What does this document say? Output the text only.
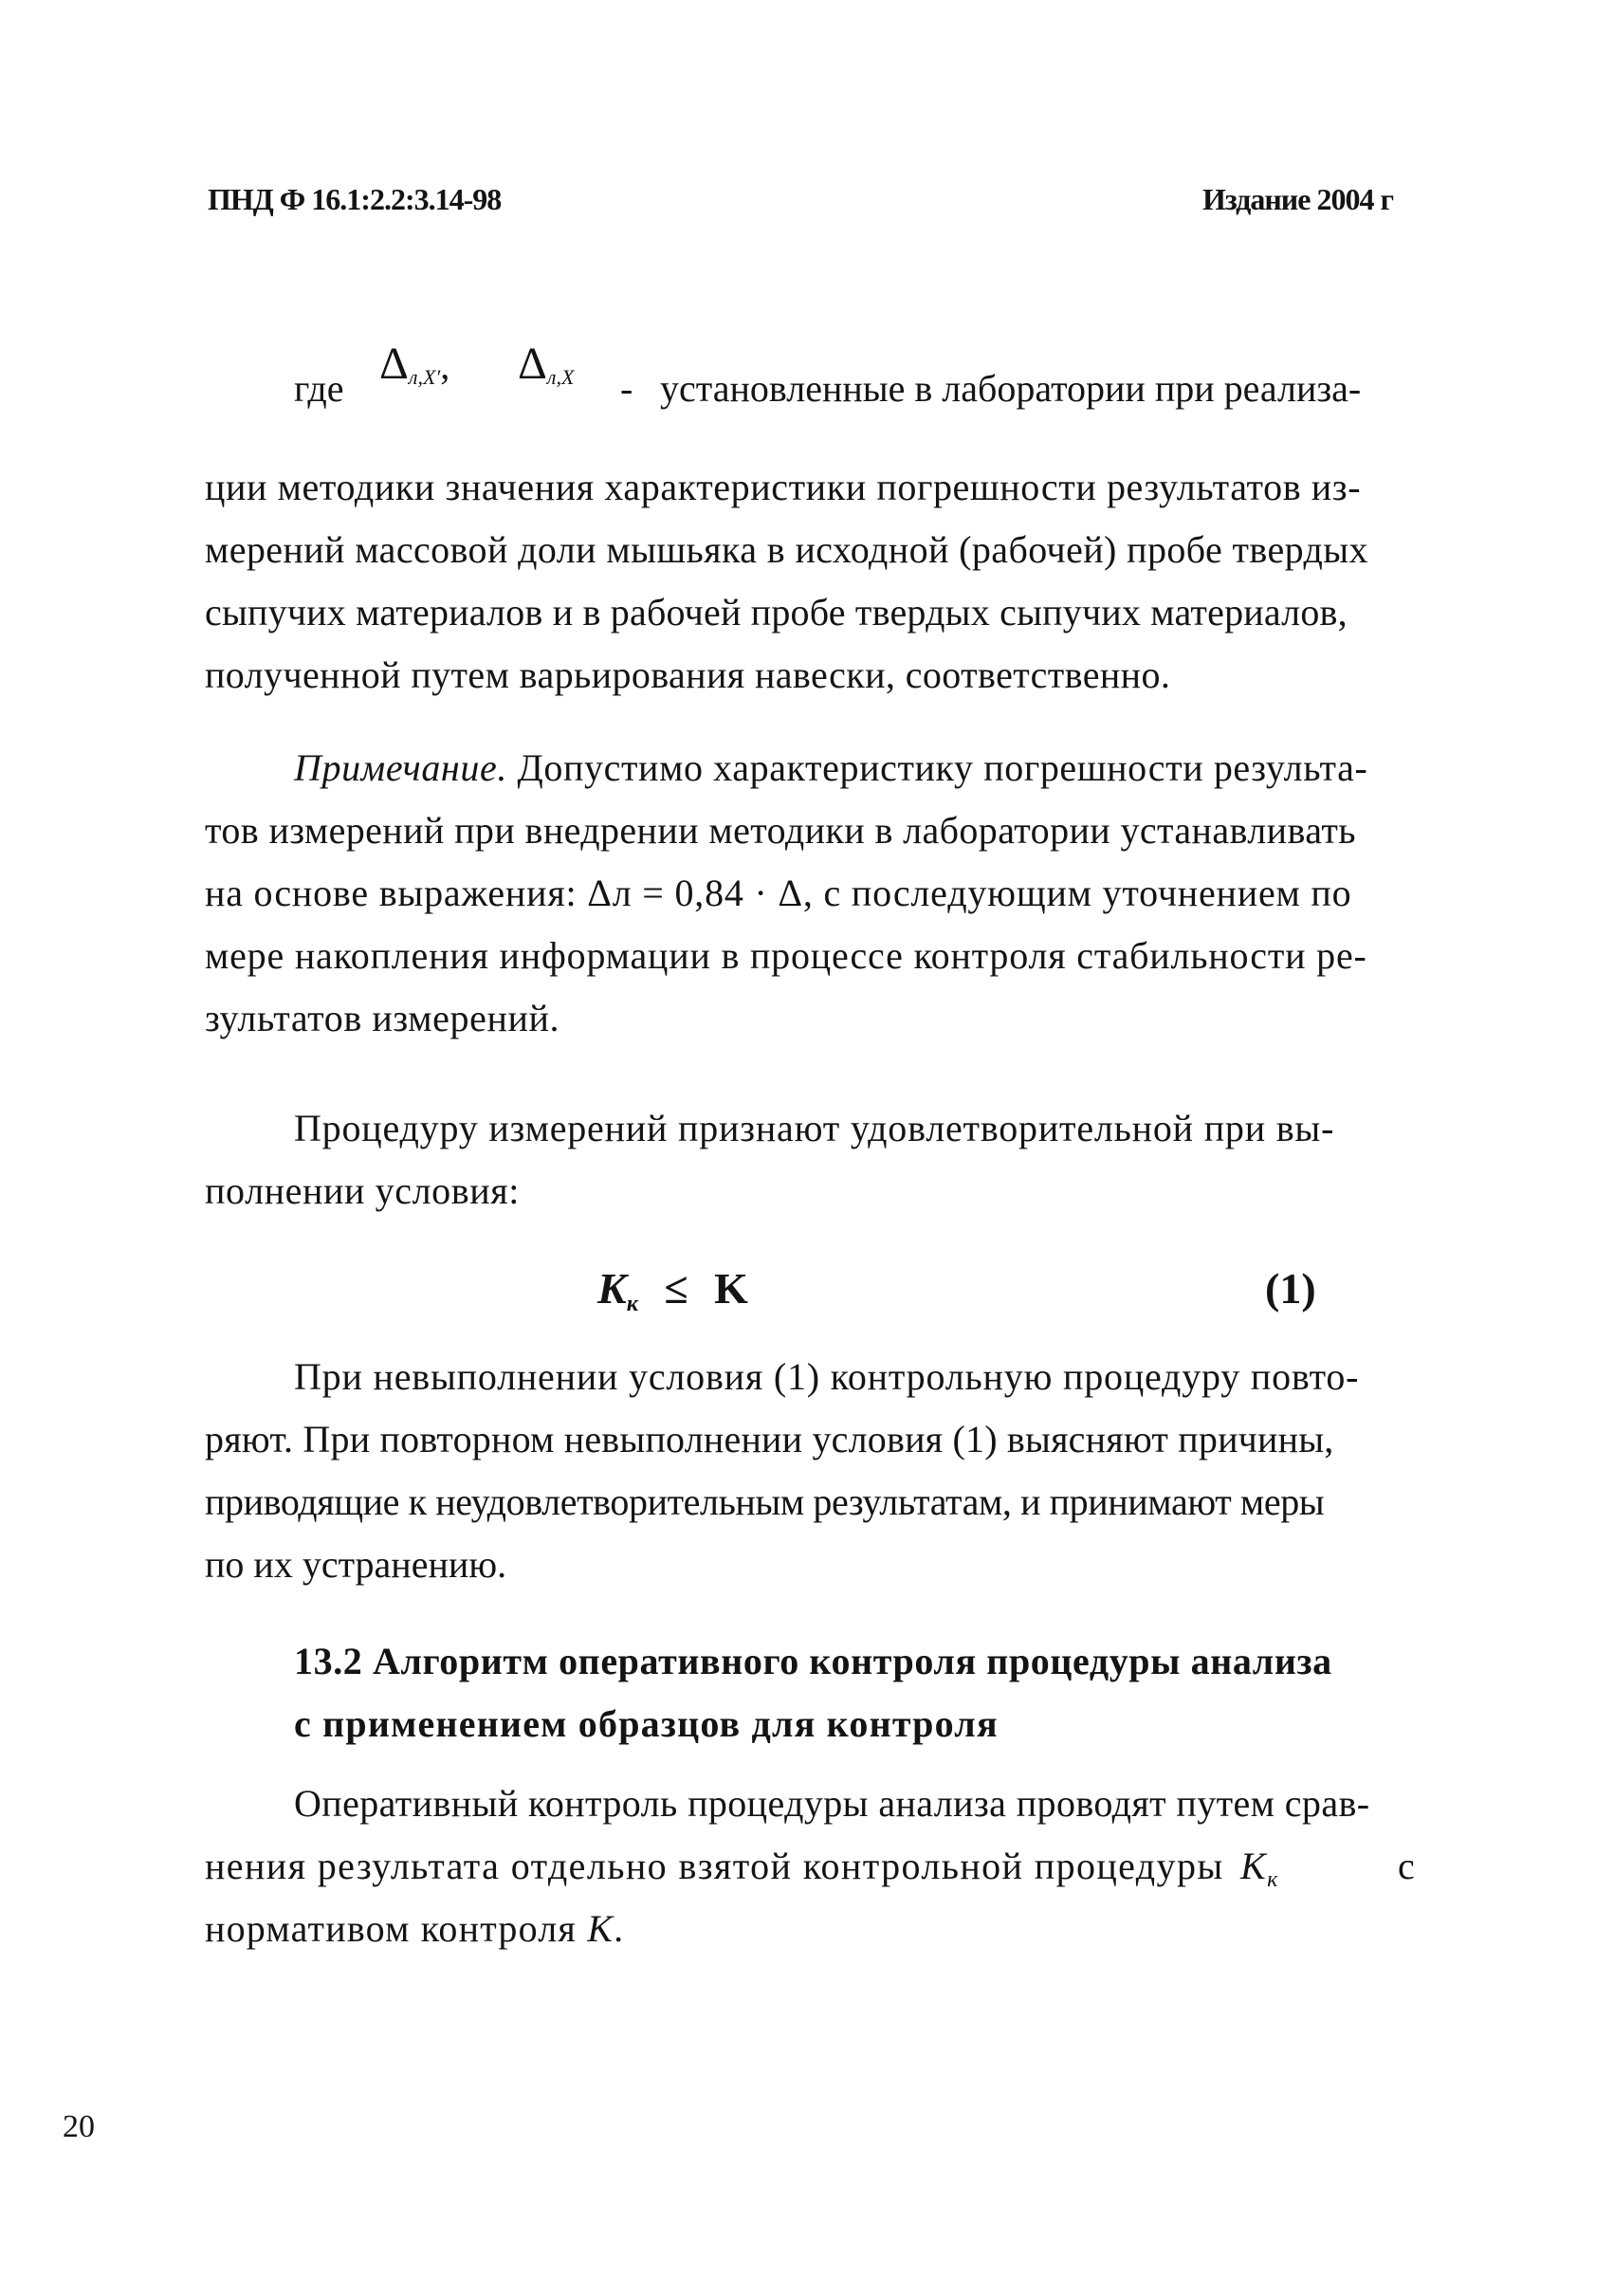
ПНД Ф 16.1:2.2:3.14-98	Издание 2004 г
где Δл,X′, Δл,X - установленные в лаборатории при реализа-
ции методики значения характеристики погрешности результатов из-
мерений массовой доли мышьяка в исходной (рабочей) пробе твердых
сыпучих материалов и в рабочей пробе твердых сыпучих материалов,
полученной путем варьирования навески, соответственно.
Примечание. Допустимо характеристику погрешности результа-
тов измерений при внедрении методики в лаборатории устанавливать
на основе выражения: Δл = 0,84 · Δ, с последующим уточнением по
мере накопления информации в процессе контроля стабильности ре-
зультатов измерений.
Процедуру измерений признают удовлетворительной при вы-
полнении условия:
Kк ≤ K	(1)
При невыполнении условия (1) контрольную процедуру повто-
ряют. При повторном невыполнении условия (1) выясняют причины,
приводящие к неудовлетворительным результатам, и принимают меры
по их устранению.
13.2 Алгоритм оперативного контроля процедуры анализа
с применением образцов для контроля
Оперативный контроль процедуры анализа проводят путем срав-
нения результата отдельно взятой контрольной процедуры $K_к$	с
нормативом контроля K.
20
